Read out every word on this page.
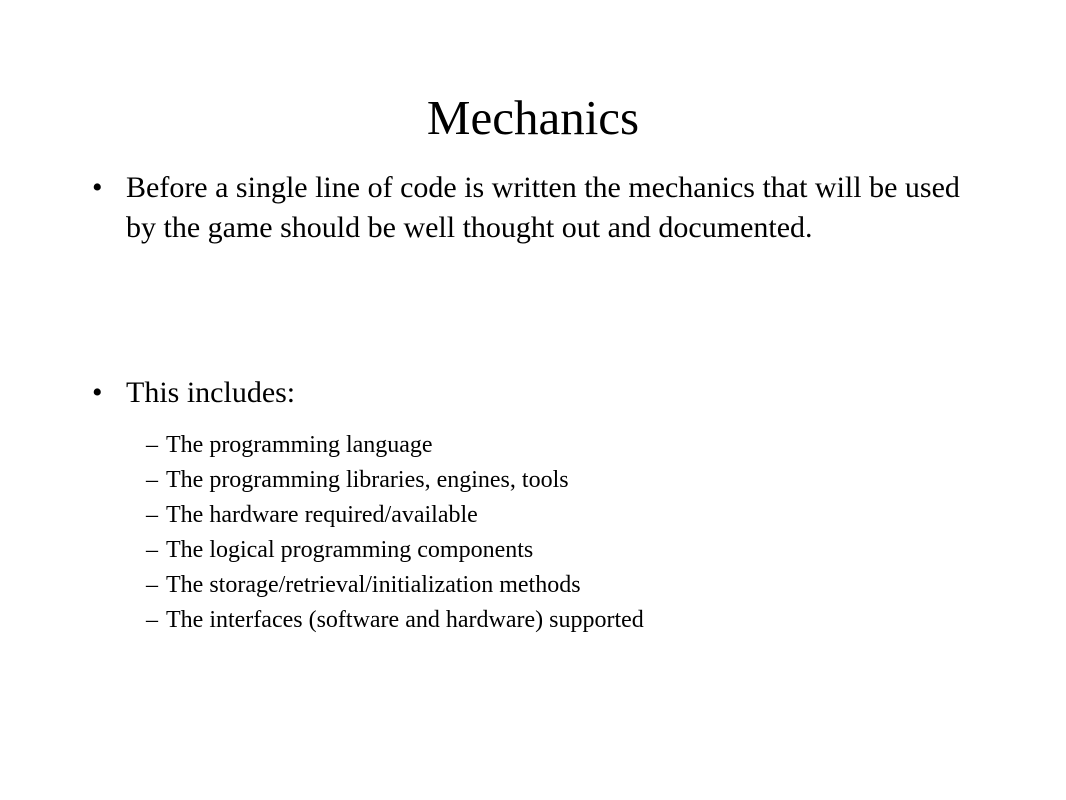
Mechanics
• Before a single line of code is written the mechanics that will be used by the game should be well thought out and documented.
• This includes:
– The programming language
– The programming libraries, engines, tools
– The hardware required/available
– The logical programming components
– The storage/retrieval/initialization methods
– The interfaces (software and hardware) supported
